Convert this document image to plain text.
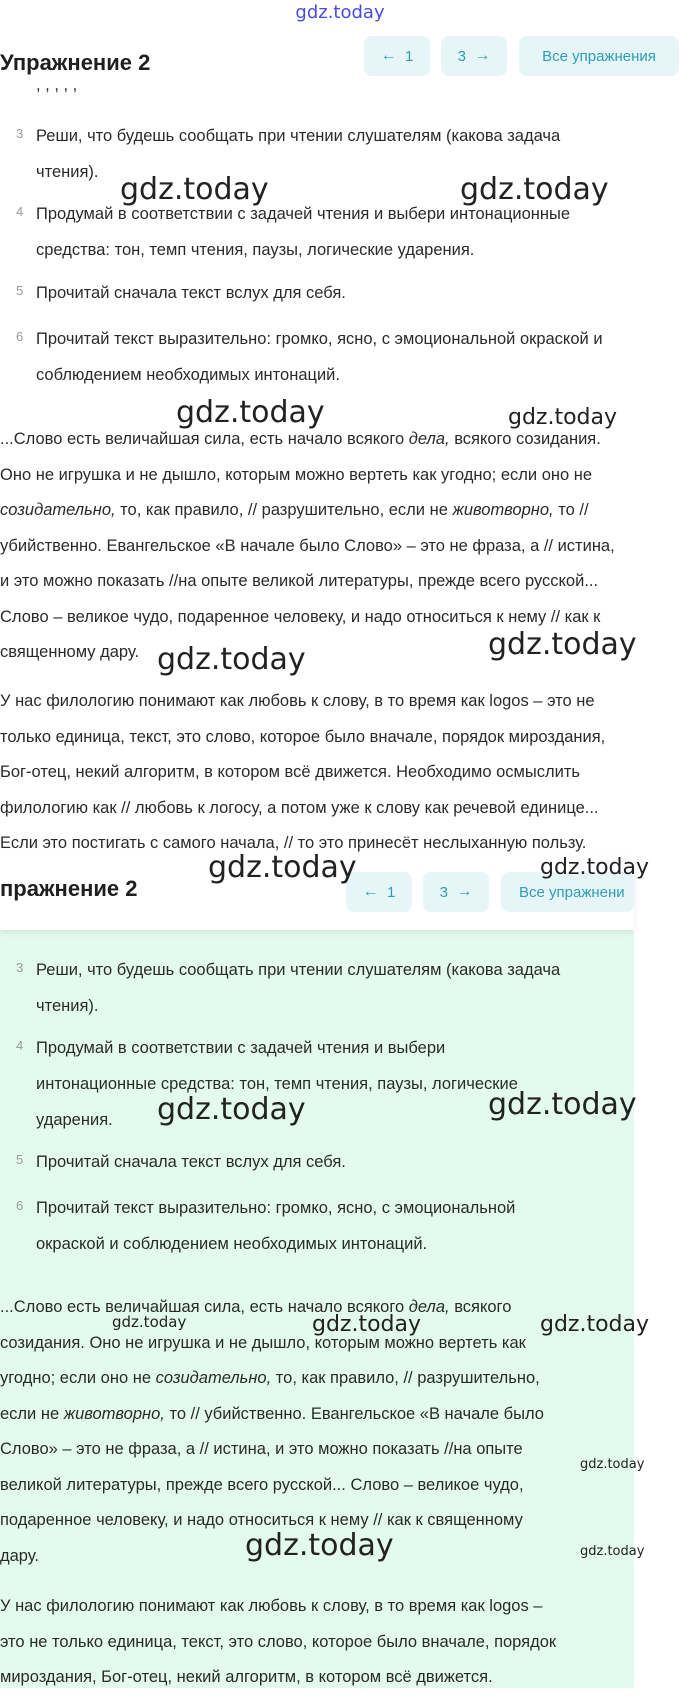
gdz.today
Упражнение 2	←
1	3
→	Все упражнения
, , , , ,
3 Реши, что будешь сообщать при чтении слушателям (какова задача
чтения).
4 Продумай в соответствии с задачей чтения и выбери интонационные
средства: тон, темп чтения, паузы, логические ударения.
5 Прочитай сначала текст вслух для себя.
6 Прочитай текст выразительно: громко, ясно, с эмоциональной окраской и
соблюдением необходимых интонаций.
...Слово есть величайшая сила, есть начало всякого дела, всякого созидания.
Оно не игрушка и не дышло, которым можно вертеть как угодно; если оно не
созидательно, то, как правило, // разрушительно, если не животворно, то //
убийственно. Евангельское «В начале было Слово» – это не фраза, а // истина,
и это можно показать //на опыте великой литературы, прежде всего русской...
Слово – великое чудо, подаренное человеку, и надо относиться к нему // как к
священному дару.
У нас филологию понимают как любовь к слову, в то время как logos – это не
только единица, текст, это слово, которое было вначале, порядок мироздания,
Бог-отец, некий алгоритм, в котором всё движется. Необходимо осмыслить
филологию как // любовь к логосу, а потом уже к слову как речевой единице...
Если это постигать с самого начала, // то это принесёт неслыханную пользу.
пражнение 2	←
1	3
→	Все упражнени
3 Реши, что будешь сообщать при чтении слушателям (какова задача
чтения).
4 Продумай в соответствии с задачей чтения и выбери
интонационные средства: тон, темп чтения, паузы, логические
ударения.
5 Прочитай сначала текст вслух для себя.
6 Прочитай текст выразительно: громко, ясно, с эмоциональной
окраской и соблюдением необходимых интонаций.
...Слово есть величайшая сила, есть начало всякого дела, всякого
созидания. Оно не игрушка и не дышло, которым можно вертеть как
угодно; если оно не созидательно, то, как правило, // разрушительно,
если не животворно, то // убийственно. Евангельское «В начале было
Слово» – это не фраза, а // истина, и это можно показать //на опыте
великой литературы, прежде всего русской... Слово – великое чудо,
подаренное человеку, и надо относиться к нему // как к священному
дару.
У нас филологию понимают как любовь к слову, в то время как logos –
это не только единица, текст, это слово, которое было вначале, порядок
мироздания, Бог-отец, некий алгоритм, в котором всё движется.
gdz.today	gdz.today
gdz.today	gdz.today
gdz.today	gdz.today
gdz.today	gdz.today
gdz.today	gdz.today
gdz.today	gdz.today	gdz.today
gdz.today
gdz.today	gdz.today
